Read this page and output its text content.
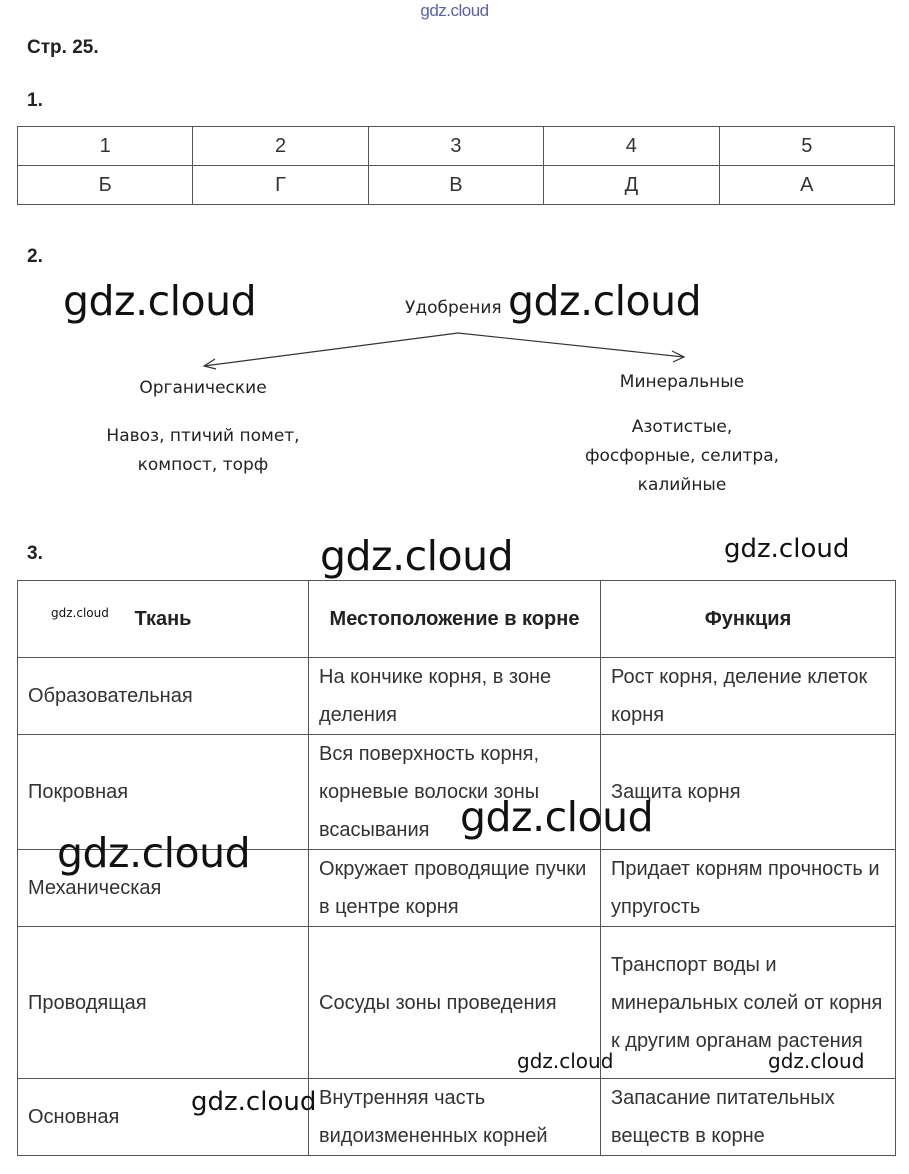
gdz.cloud
Стр. 25.
1.
1	2	3	4	5
Б	Г	В	Д	А
2.
Удобрения
Органические
Навоз, птичий помет,
компост, торф
Минеральные
Азотистые,
фосфорные, селитра,
калийные
3.
Ткань	Местоположение в корне	Функция
Образовательная	На кончике корня, в зоне деления	Рост корня, деление клеток корня
Покровная	Вся поверхность корня, корневые волоски зоны всасывания	Защита корня
Механическая	Окружает проводящие пучки в центре корня	Придает корням прочность и упругость
Проводящая	Сосуды зоны проведения	Транспорт воды и минеральных солей от корня к другим органам растения
Основная	Внутренняя часть видоизмененных корней	Запасание питательных веществ в корне
gdz.cloud	gdz.cloud
gdz.cloud	gdz.cloud
gdz.cloud
gdz.cloud
gdz.cloud
gdz.cloud	gdz.cloud
gdz.cloud
